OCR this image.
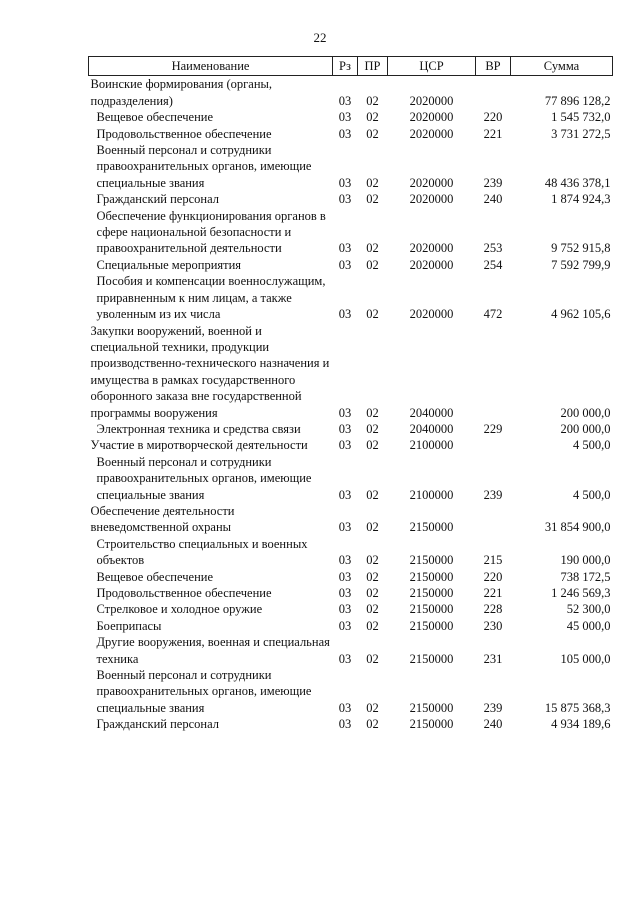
22
Наименование	Рз	ПР	ЦСР	ВР	Сумма
Воинские формирования (органы, подразделения)	03	02	2020000		77 896 128,2
Вещевое обеспечение	03	02	2020000	220	1 545 732,0
Продовольственное обеспечение	03	02	2020000	221	3 731 272,5
Военный персонал и сотрудники правоохранительных органов, имеющие специальные звания	03	02	2020000	239	48 436 378,1
Гражданский персонал	03	02	2020000	240	1 874 924,3
Обеспечение функционирования органов в сфере национальной безопасности и правоохранительной деятельности	03	02	2020000	253	9 752 915,8
Специальные мероприятия	03	02	2020000	254	7 592 799,9
Пособия и компенсации военнослужащим, приравненным к ним лицам, а также уволенным из их числа	03	02	2020000	472	4 962 105,6
Закупки вооружений, военной и специальной техники, продукции производственно-технического назначения и имущества в рамках государственного оборонного заказа вне государственной программы вооружения	03	02	2040000		200 000,0
Электронная техника и средства связи	03	02	2040000	229	200 000,0
Участие в миротворческой деятельности	03	02	2100000		4 500,0
Военный персонал и сотрудники правоохранительных органов, имеющие специальные звания	03	02	2100000	239	4 500,0
Обеспечение деятельности вневедомственной охраны	03	02	2150000		31 854 900,0
Строительство специальных и военных объектов	03	02	2150000	215	190 000,0
Вещевое обеспечение	03	02	2150000	220	738 172,5
Продовольственное обеспечение	03	02	2150000	221	1 246 569,3
Стрелковое и холодное оружие	03	02	2150000	228	52 300,0
Боеприпасы	03	02	2150000	230	45 000,0
Другие вооружения, военная и специальная техника	03	02	2150000	231	105 000,0
Военный персонал и сотрудники правоохранительных органов, имеющие специальные звания	03	02	2150000	239	15 875 368,3
Гражданский персонал	03	02	2150000	240	4 934 189,6
